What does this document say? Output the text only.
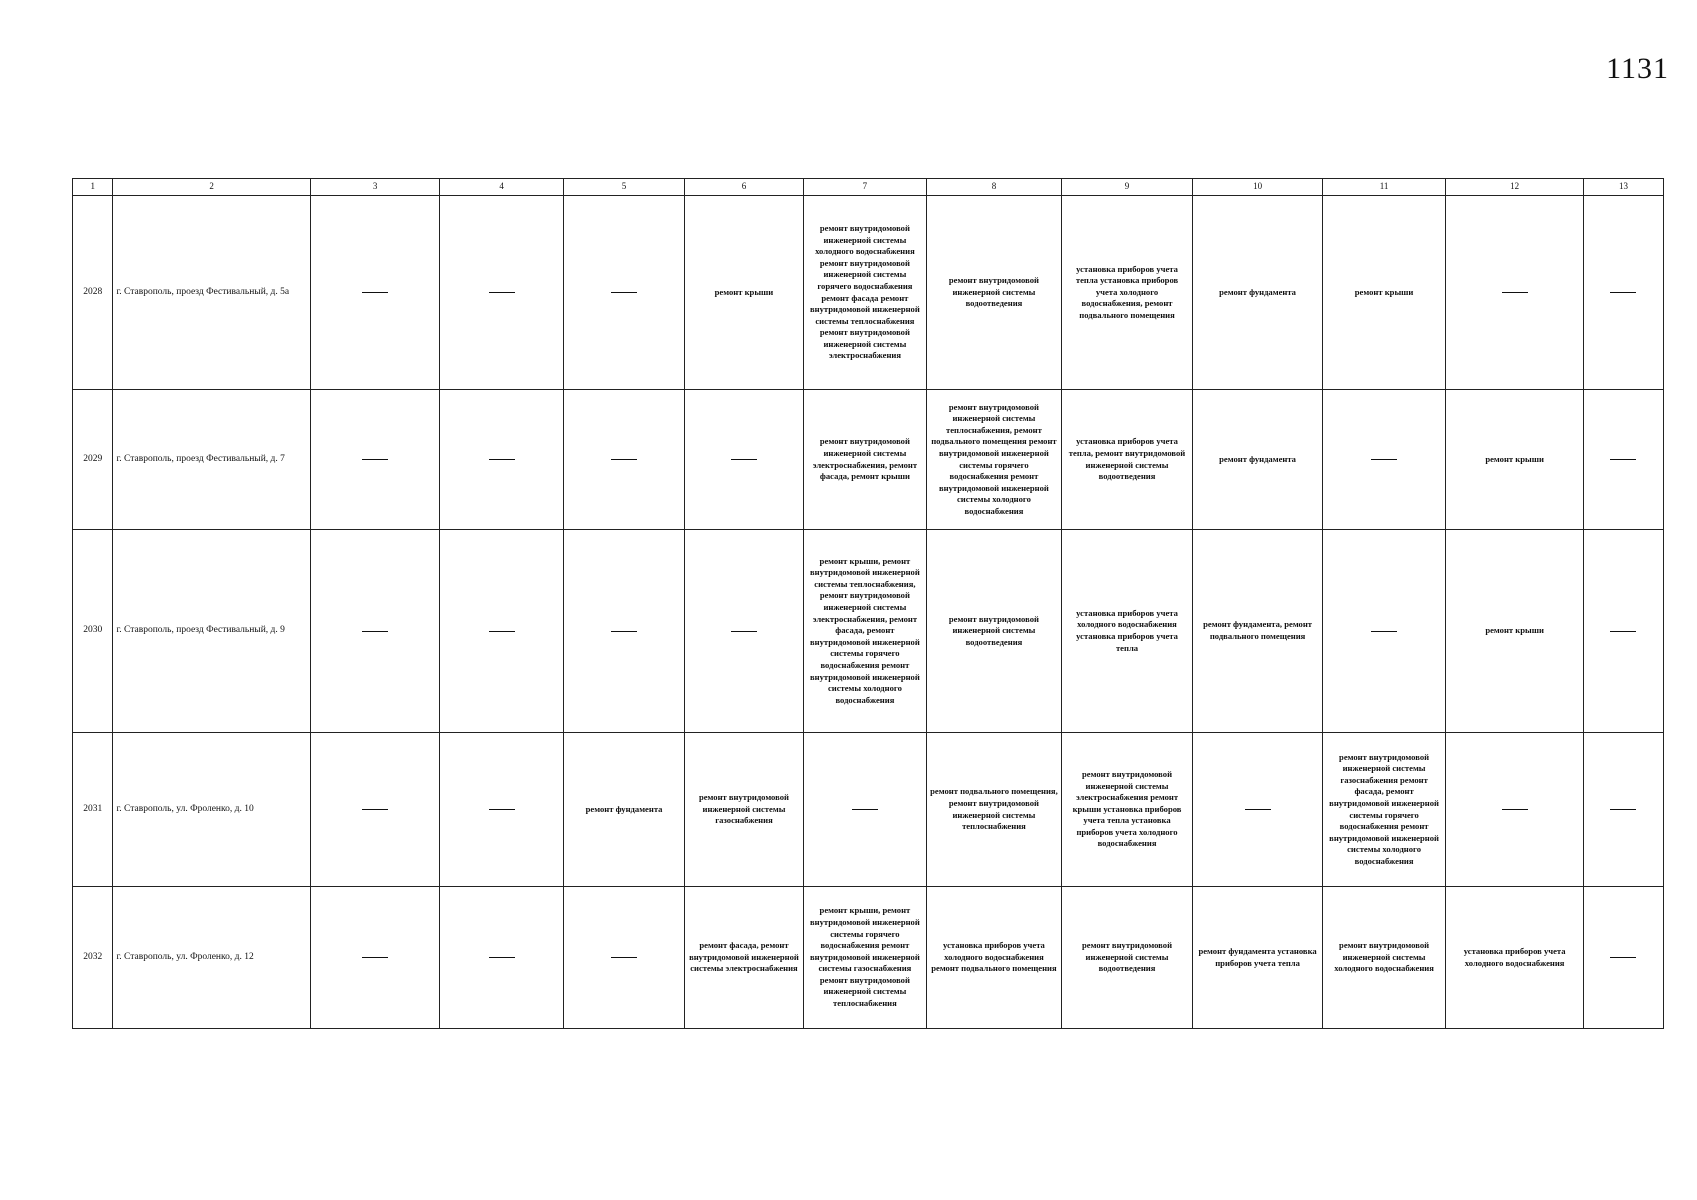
1131
1	2	3	4	5	6	7	8	9	10	11	12	13
2028	г. Ставрополь, проезд Фестивальный, д. 5а				ремонт крыши	ремонт внутридомовой инженерной системы холодного водоснабжения ремонт внутридомовой инженерной системы горячего водоснабжения ремонт фасада ремонт внутридомовой инженерной системы теплоснабжения ремонт внутридомовой инженерной системы электроснабжения	ремонт внутридомовой инженерной системы водоотведения	установка приборов учета тепла установка приборов учета холодного водоснабжения, ремонт подвального помещения	ремонт фундамента	ремонт крыши		
2029	г. Ставрополь, проезд Фестивальный, д. 7					ремонт внутридомовой инженерной системы электроснабжения, ремонт фасада, ремонт крыши	ремонт внутридомовой инженерной системы теплоснабжения, ремонт подвального помещения ремонт внутридомовой инженерной системы горячего водоснабжения ремонт внутридомовой инженерной системы холодного водоснабжения	установка приборов учета тепла, ремонт внутридомовой инженерной системы водоотведения	ремонт фундамента		ремонт крыши	
2030	г. Ставрополь, проезд Фестивальный, д. 9					ремонт крыши, ремонт внутридомовой инженерной системы теплоснабжения, ремонт внутридомовой инженерной системы электроснабжения, ремонт фасада, ремонт внутридомовой инженерной системы горячего водоснабжения ремонт внутридомовой инженерной системы холодного водоснабжения	ремонт внутридомовой инженерной системы водоотведения	установка приборов учета холодного водоснабжения установка приборов учета тепла	ремонт фундамента, ремонт подвального помещения		ремонт крыши	
2031	г. Ставрополь, ул. Фроленко, д. 10			ремонт фундамента	ремонт внутридомовой инженерной системы газоснабжения		ремонт подвального помещения, ремонт внутридомовой инженерной системы теплоснабжения	ремонт внутридомовой инженерной системы электроснабжения ремонт крыши установка приборов учета тепла установка приборов учета холодного водоснабжения		ремонт внутридомовой инженерной системы газоснабжения ремонт фасада, ремонт внутридомовой инженерной системы горячего водоснабжения ремонт внутридомовой инженерной системы холодного водоснабжения		
2032	г. Ставрополь, ул. Фроленко, д. 12				ремонт фасада, ремонт внутридомовой инженерной системы электроснабжения	ремонт крыши, ремонт внутридомовой инженерной системы горячего водоснабжения ремонт внутридомовой инженерной системы газоснабжения ремонт внутридомовой инженерной системы теплоснабжения	установка приборов учета холодного водоснабжения ремонт подвального помещения	ремонт внутридомовой инженерной системы водоотведения	ремонт фундамента установка приборов учета тепла	ремонт внутридомовой инженерной системы холодного водоснабжения	установка приборов учета холодного водоснабжения	
